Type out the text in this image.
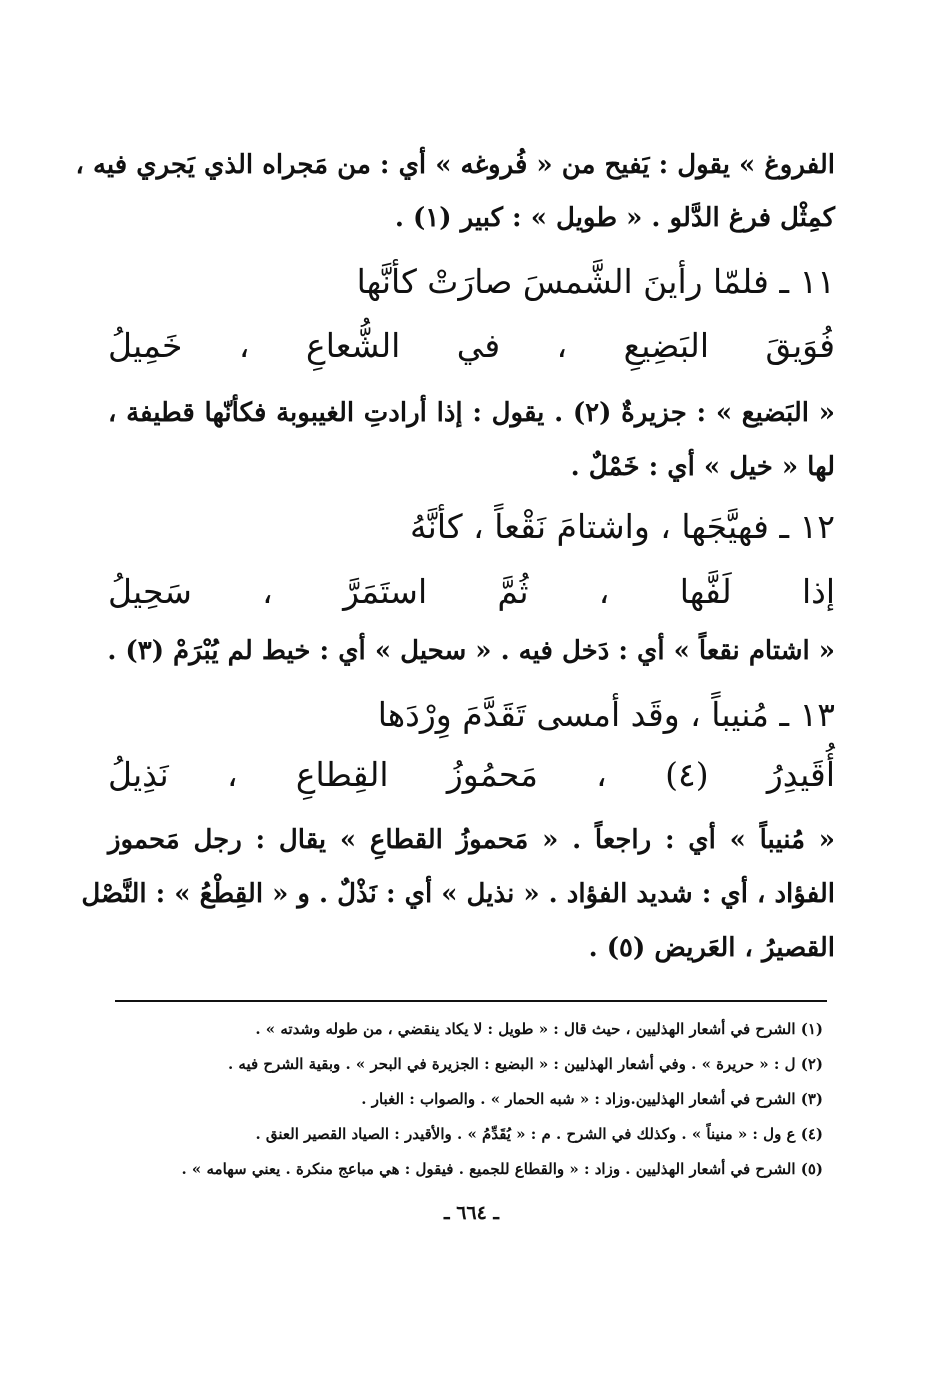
الفروغ » يقول : يَفيح من « فُروغه » أي : من مَجراه الذي يَجري فيه ،
كمِثْل فرغ الدَّلو . « طويل » : كبير (١) .
١١ ـ فلمّا رأينَ الشَّمسَ صارَتْ كأنَّها
فُوَيقَ البَضِيعِ ، في الشُّعاعِ ، خَمِيلُ
« البَضيع » : جزيرةٌ (٢) . يقول : إذا أرادتِ الغيبوبة فكأنّها قطيفة ،
لها « خيل » أي : خَمْلٌ .
١٢ ـ فهيَّجَها ، واشتامَ نَقْعاً ، كأنَّهُ
إذا لَفَّها ، ثُمَّ استَمَرَّ ، سَحِيلُ
« اشتام نقعاً » أي : دَخل فيه . « سحيل » أي : خيط لم يُبْرَمْ (٣) .
١٣ ـ مُنيباً ، وقَد أمسى تَقَدَّمَ وِرْدَها
أُقَيدِرُ (٤) ، مَحمُوزُ القِطاعِ ، نَذِيلُ
« مُنيباً » أي : راجعاً . « مَحموزُ القطاعِ » يقال : رجل مَحموز
الفؤاد ، أي : شديد الفؤاد . « نذيل » أي : نَذْلٌ . و « القِطْعُ » : النَّصْل
القصيرُ ، العَريض (٥) .
(١) الشرح في أشعار الهذليين ، حيث قال : « طويل : لا يكاد ينقضي ، من طوله وشدته » .
(٢) ل : « حريرة » . وفي أشعار الهذليين : « البضيع : الجزيرة في البحر » . وبقية الشرح فيه .
(٣) الشرح في أشعار الهذليين.وزاد : « شبه الحمار » . والصواب : الغبار .
(٤) ع ول : « منيناً » . وكذلك في الشرح . م : « يُقَدِّمُ » . والأقيدر : الصياد القصير العنق .
(٥) الشرح في أشعار الهذليين . وزاد : « والقطاع للجميع . فيقول : هي مباعج منكرة . يعني سهامه » .
ـ ٦٦٤ ـ
